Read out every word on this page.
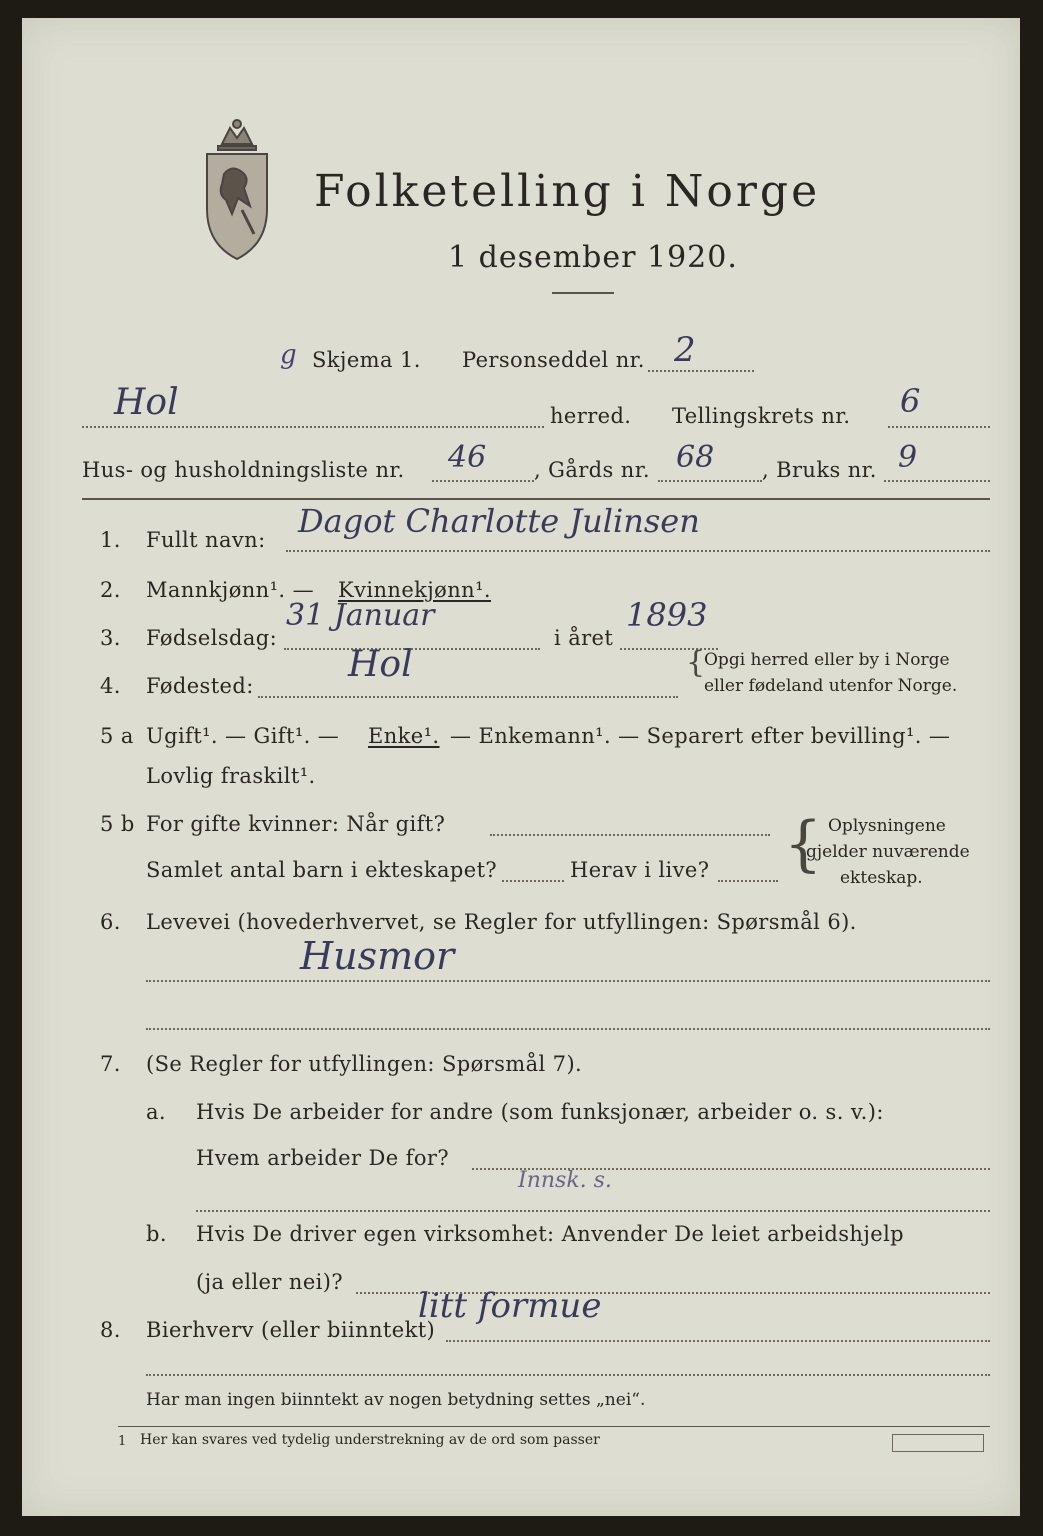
Folketelling i Norge
1 desember 1920.
g Skjema 1. Personseddel nr. 2
Hol	herred. Tellingskrets nr. 6
Hus- og husholdningsliste nr. 46 , Gårds nr. 68 , Bruks nr. 9
1. Fullt navn: Dagot Charlotte Julinsen
2. Mannkjønn¹. — Kvinnekjønn¹.
3. Fødselsdag:
31 Januar
i året
1893
4. Fødested:
Hol	{
Opgi herred eller by i Norge
eller fødeland utenfor Norge.
5 a Ugift¹. — Gift¹. — Enke¹. — Enkemann¹. — Separert efter bevilling¹. —
Lovlig fraskilt¹.
5 b For gifte kvinner: Når gift?
Samlet antal barn i ekteskapet?	Herav i live? { Oplysningene
gjelder nuværende
ekteskap.
6. Levevei (hovederhvervet, se Regler for utfyllingen: Spørsmål 6).
Husmor
7. (Se Regler for utfyllingen: Spørsmål 7).
a. Hvis De arbeider for andre (som funksjonær, arbeider o. s. v.):
Hvem arbeider De for?
Innsk. s.
b. Hvis De driver egen virksomhet: Anvender De leiet arbeidshjelp
(ja eller nei)?
8. Bierhverv (eller biinntekt)
litt formue
Har man ingen biinntekt av nogen betydning settes „nei“.
1 Her kan svares ved tydelig understrekning av de ord som passer
